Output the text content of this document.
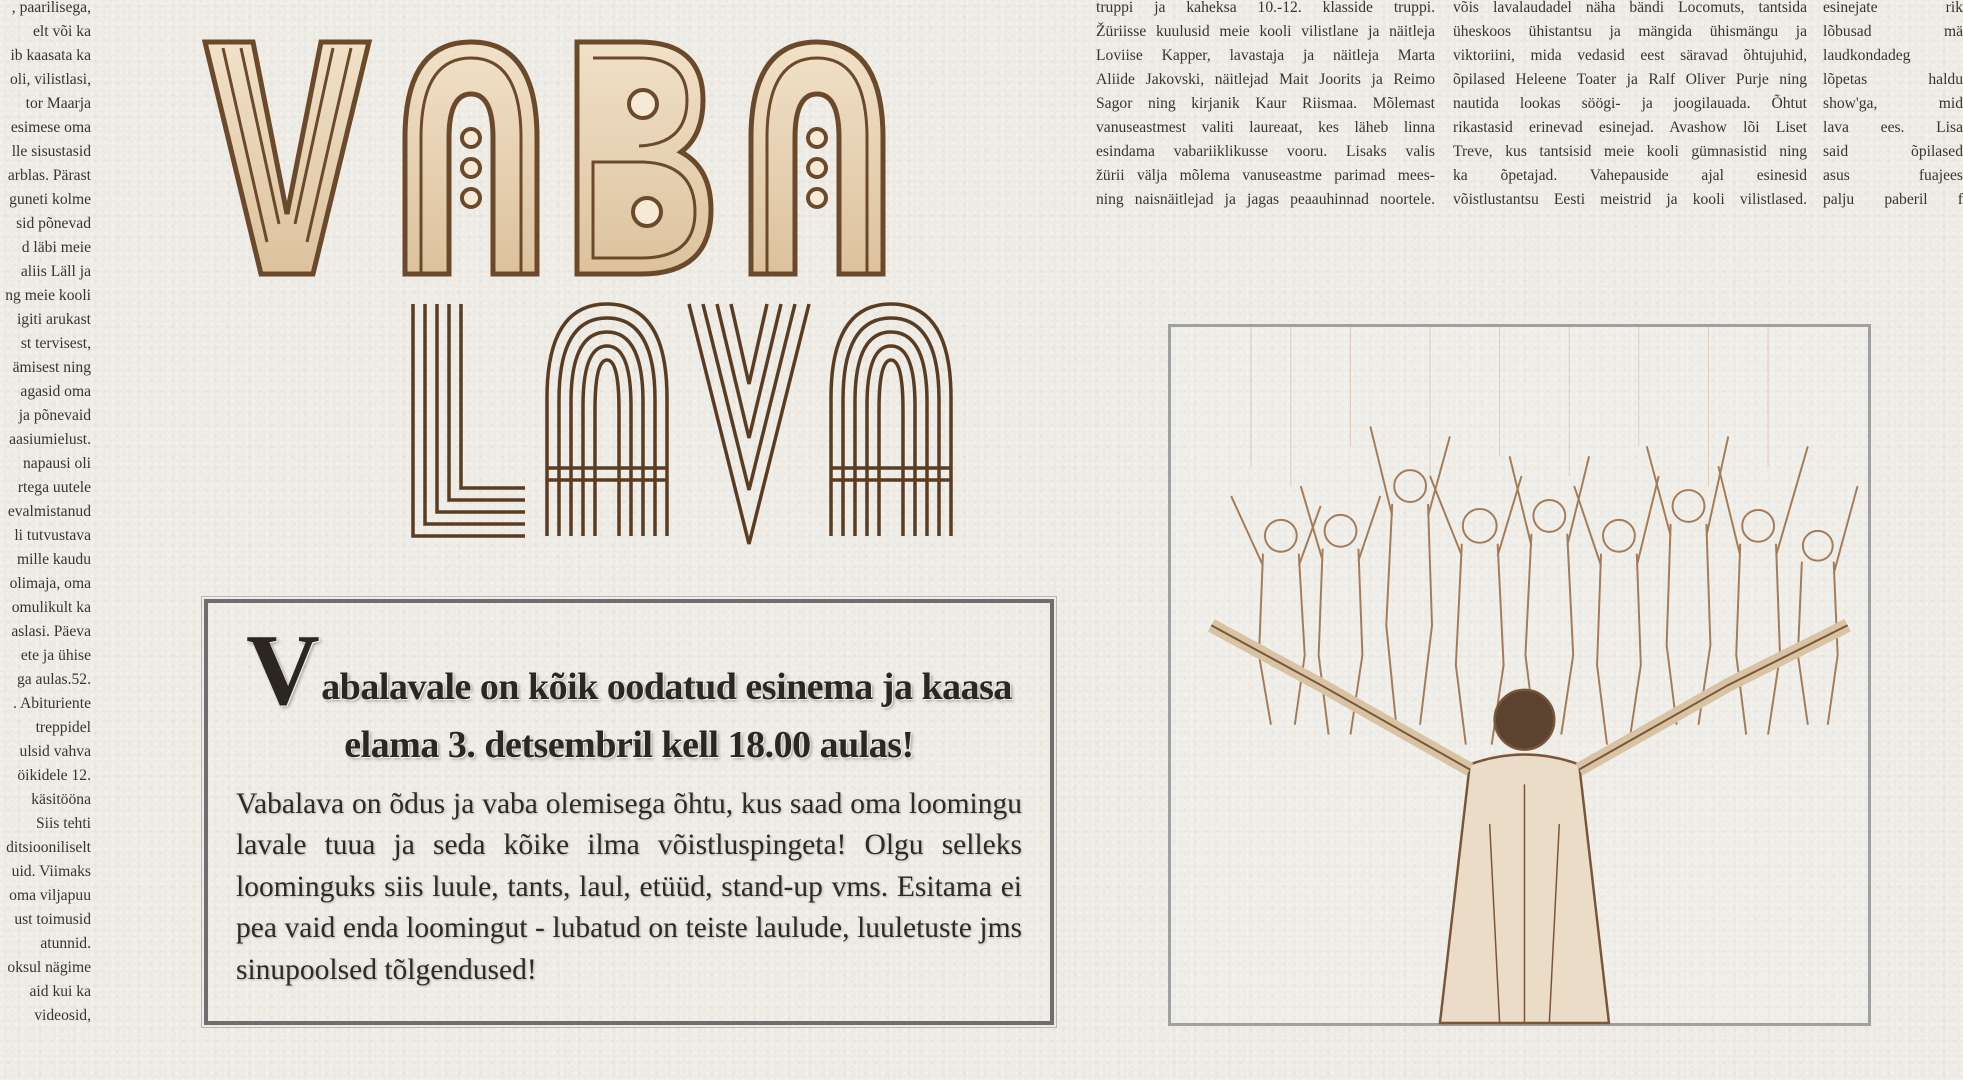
, paarilisega,
elt või ka
ib kaasata ka
oli, vilistlasi,
tor Maarja
esimese oma
lle sisustasid
arblas. Pärast
guneti kolme
sid põnevad
d läbi meie
aliis Läll ja
ng meie kooli
igiti arukast
st tervisest,
ämisest ning
agasid oma
ja põnevaid
aasiumielust.
napausi oli
rtega uutele
evalmistanud
li tutvustava
mille kaudu
olimaja, oma
omulikult ka
aslasi. Päeva
ete ja ühise
ga aulas.52.
. Abituriente
treppidel
ulsid vahva
öikidele 12.
käsitööna
Siis tehti
ditsiooniliselt
uid. Viimaks
oma viljapuu
ust toimusid
atunnid.
oksul nägime
aid kui ka
videosid,
truppi ja kaheksa 10.-12. klasside truppi.
Žüriisse kuulusid meie kooli vilistlane ja näitleja
Loviise Kapper, lavastaja ja näitleja Marta
Aliide Jakovski, näitlejad Mait Joorits ja Reimo
Sagor ning kirjanik Kaur Riismaa. Mõlemast
vanuseastmest valiti laureaat, kes läheb linna
esindama vabariiklikusse vooru. Lisaks valis
žürii välja mõlema vanuseastme parimad mees-
ning naisnäitlejad ja jagas peaauhinnad noortele.
võis lavalaudadel näha bändi Locomuts, tantsida
üheskoos ühistantsu ja mängida ühismängu ja
viktoriini, mida vedasid eest säravad õhtujuhid,
õpilased Heleene Toater ja Ralf Oliver Purje ning
nautida lookas söögi- ja joogilauada. Õhtut
rikastasid erinevad esinejad. Avashow lõi Liset
Treve, kus tantsisid meie kooli gümnasistid ning
ka õpetajad. Vahepauside ajal esinesid
võistlustantsu Eesti meistrid ja kooli vilistlased.
esinejate rik
lõbusad mä
laudkondadeg
lõpetas haldu
show'ga, mid
lava ees. Lisa
said õpilased
asus fuajees
palju paberil f
Vabalavale on kõik oodatud esinema ja kaasa elama 3. detsembril kell 18.00 aulas!

Vabalava on õdus ja vaba olemisega õhtu, kus saad oma loomingu lavale tuua ja seda kõike ilma võistluspingeta! Olgu selleks loominguks siis luule, tants, laul, etüüd, stand-up vms. Esitama ei pea vaid enda loomingut - lubatud on teiste laulude, luuletuste jms sinupoolsed tõlgendused!
